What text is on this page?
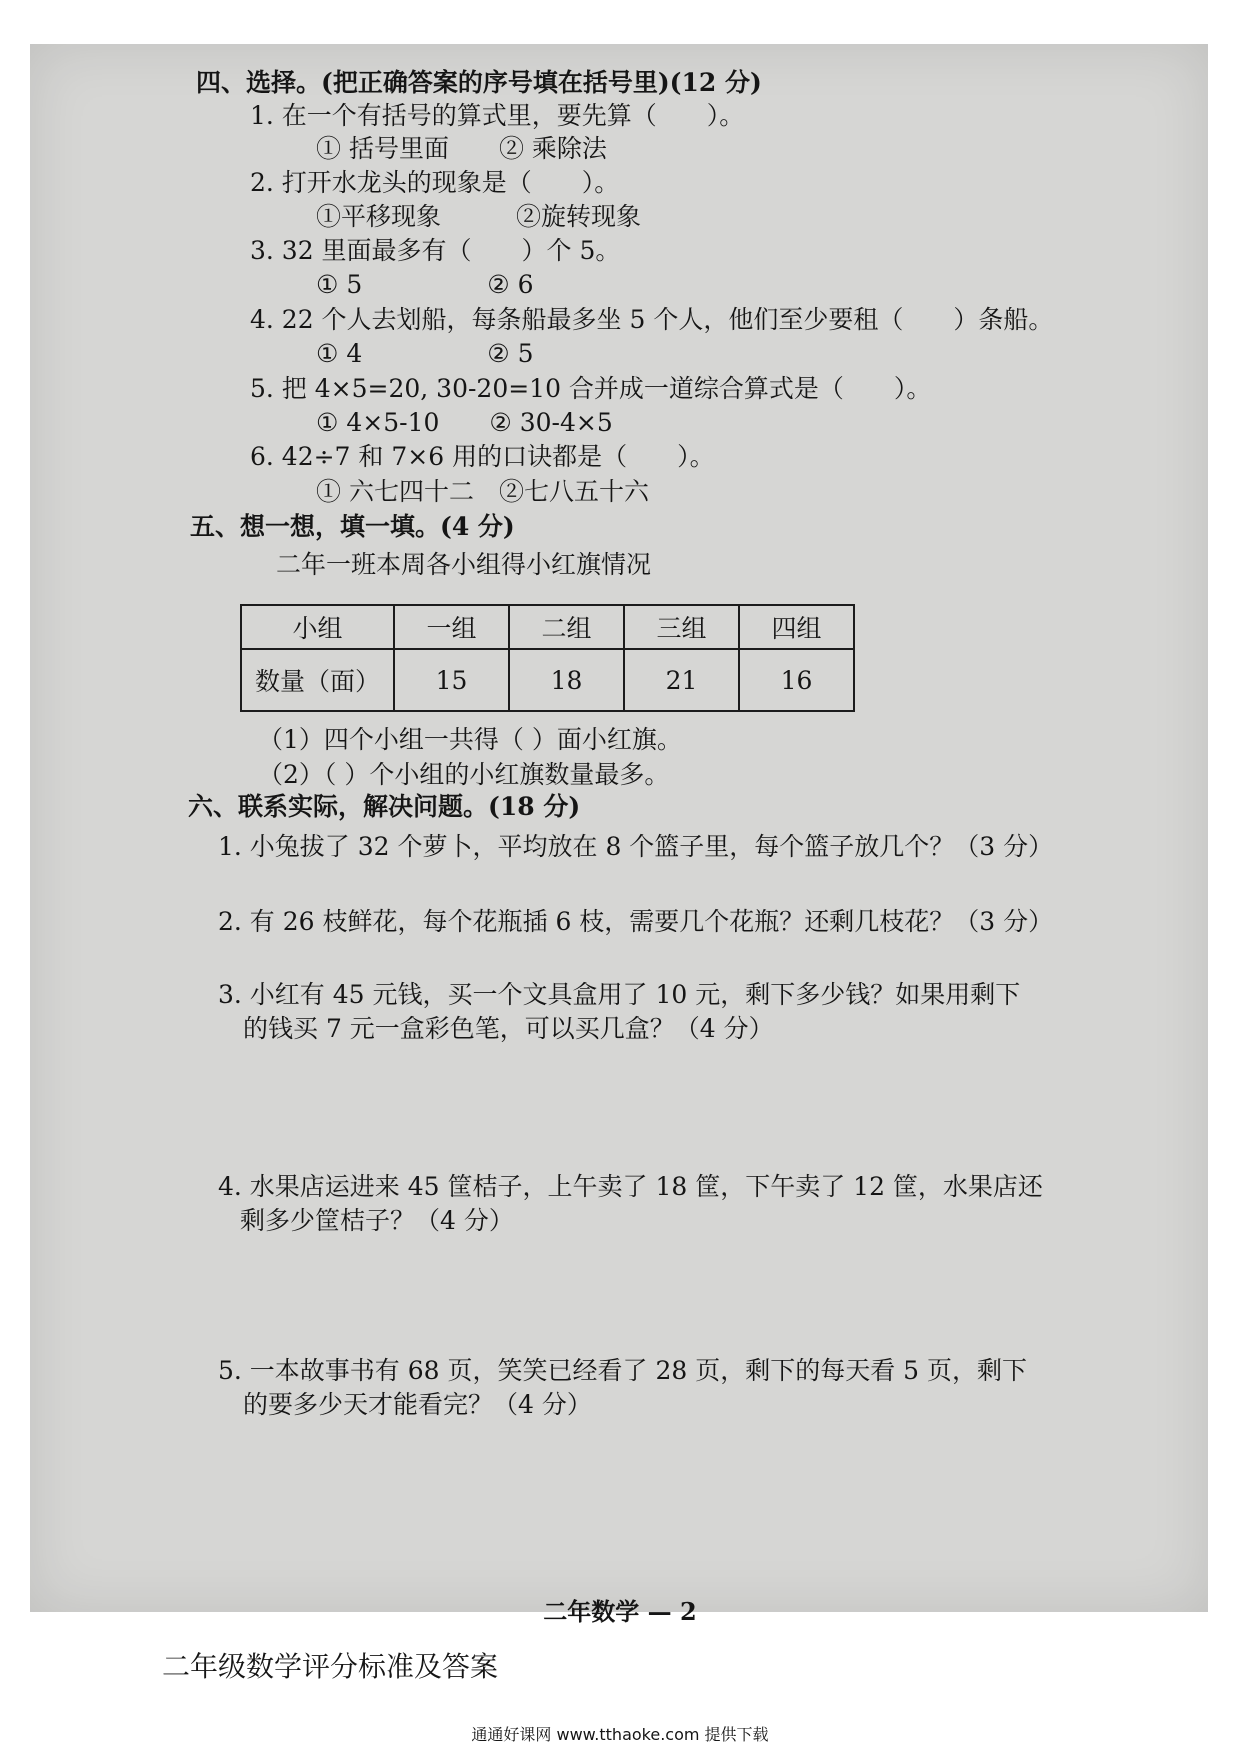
四、选择。(把正确答案的序号填在括号里)(12 分)
1. 在一个有括号的算式里，要先算（　　）。
① 括号里面　　② 乘除法
2. 打开水龙头的现象是（　　）。
①平移现象　　　②旋转现象
3. 32 里面最多有（　　）个 5。
① 5　　　　　② 6
4. 22 个人去划船，每条船最多坐 5 个人，他们至少要租（　　）条船。
① 4　　　　　② 5
5. 把 4×5=20, 30-20=10 合并成一道综合算式是（　　）。
① 4×5-10　　② 30-4×5
6. 42÷7 和 7×6 用的口诀都是（　　）。
① 六七四十二　②七八五十六
五、想一想，填一填。(4 分)
二年一班本周各小组得小红旗情况
小组	一组	二组	三组	四组
数量（面）	15	18	21	16
（1）四个小组一共得（ ）面小红旗。
（2）（ ）个小组的小红旗数量最多。
六、联系实际，解决问题。(18 分)
1. 小兔拔了 32 个萝卜，平均放在 8 个篮子里，每个篮子放几个？（3 分）
2. 有 26 枝鲜花，每个花瓶插 6 枝，需要几个花瓶？还剩几枝花？（3 分）
3. 小红有 45 元钱，买一个文具盒用了 10 元，剩下多少钱？如果用剩下
的钱买 7 元一盒彩色笔，可以买几盒？（4 分）
4. 水果店运进来 45 筐桔子，上午卖了 18 筐，下午卖了 12 筐，水果店还
剩多少筐桔子？（4 分）
5. 一本故事书有 68 页，笑笑已经看了 28 页，剩下的每天看 5 页，剩下
的要多少天才能看完？（4 分）
二年数学 — 2
二年级数学评分标准及答案
通通好课网 www.tthaoke.com 提供下载
